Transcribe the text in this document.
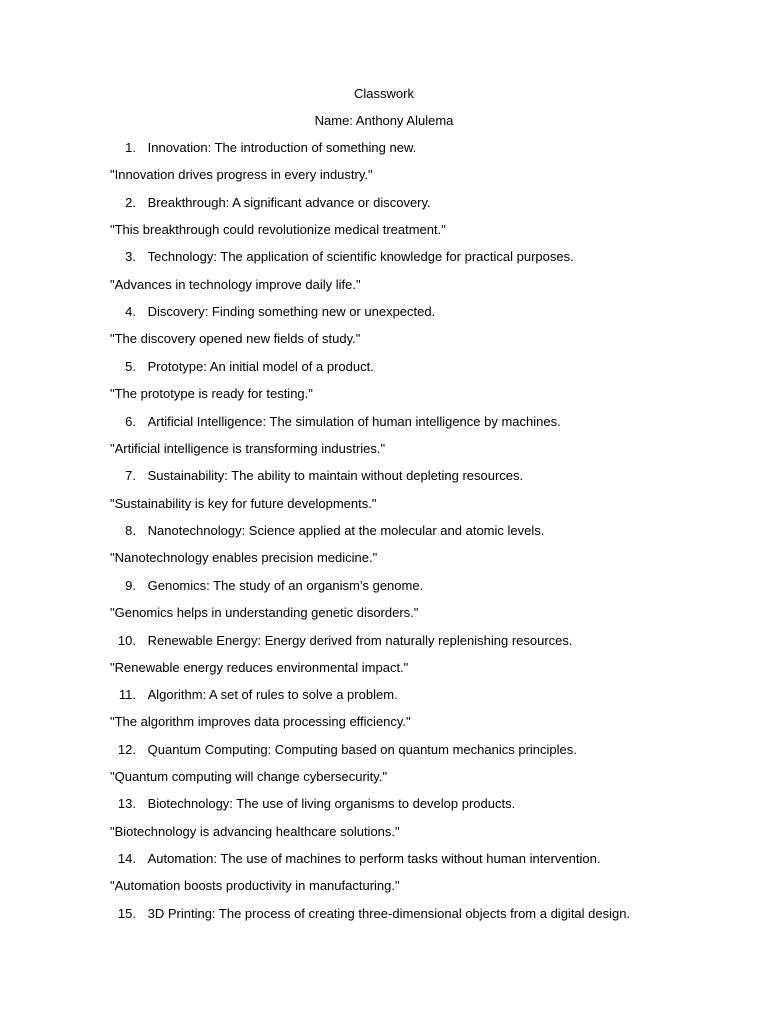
Classwork
Name: Anthony Alulema
1. Innovation: The introduction of something new.
"Innovation drives progress in every industry."
2. Breakthrough: A significant advance or discovery.
"This breakthrough could revolutionize medical treatment."
3. Technology: The application of scientific knowledge for practical purposes.
"Advances in technology improve daily life."
4. Discovery: Finding something new or unexpected.
"The discovery opened new fields of study."
5. Prototype: An initial model of a product.
"The prototype is ready for testing."
6. Artificial Intelligence: The simulation of human intelligence by machines.
"Artificial intelligence is transforming industries."
7. Sustainability: The ability to maintain without depleting resources.
"Sustainability is key for future developments."
8. Nanotechnology: Science applied at the molecular and atomic levels.
"Nanotechnology enables precision medicine."
9. Genomics: The study of an organism’s genome.
"Genomics helps in understanding genetic disorders."
10. Renewable Energy: Energy derived from naturally replenishing resources.
"Renewable energy reduces environmental impact."
11. Algorithm: A set of rules to solve a problem.
"The algorithm improves data processing efficiency."
12. Quantum Computing: Computing based on quantum mechanics principles.
"Quantum computing will change cybersecurity."
13. Biotechnology: The use of living organisms to develop products.
"Biotechnology is advancing healthcare solutions."
14. Automation: The use of machines to perform tasks without human intervention.
"Automation boosts productivity in manufacturing."
15. 3D Printing: The process of creating three-dimensional objects from a digital design.
